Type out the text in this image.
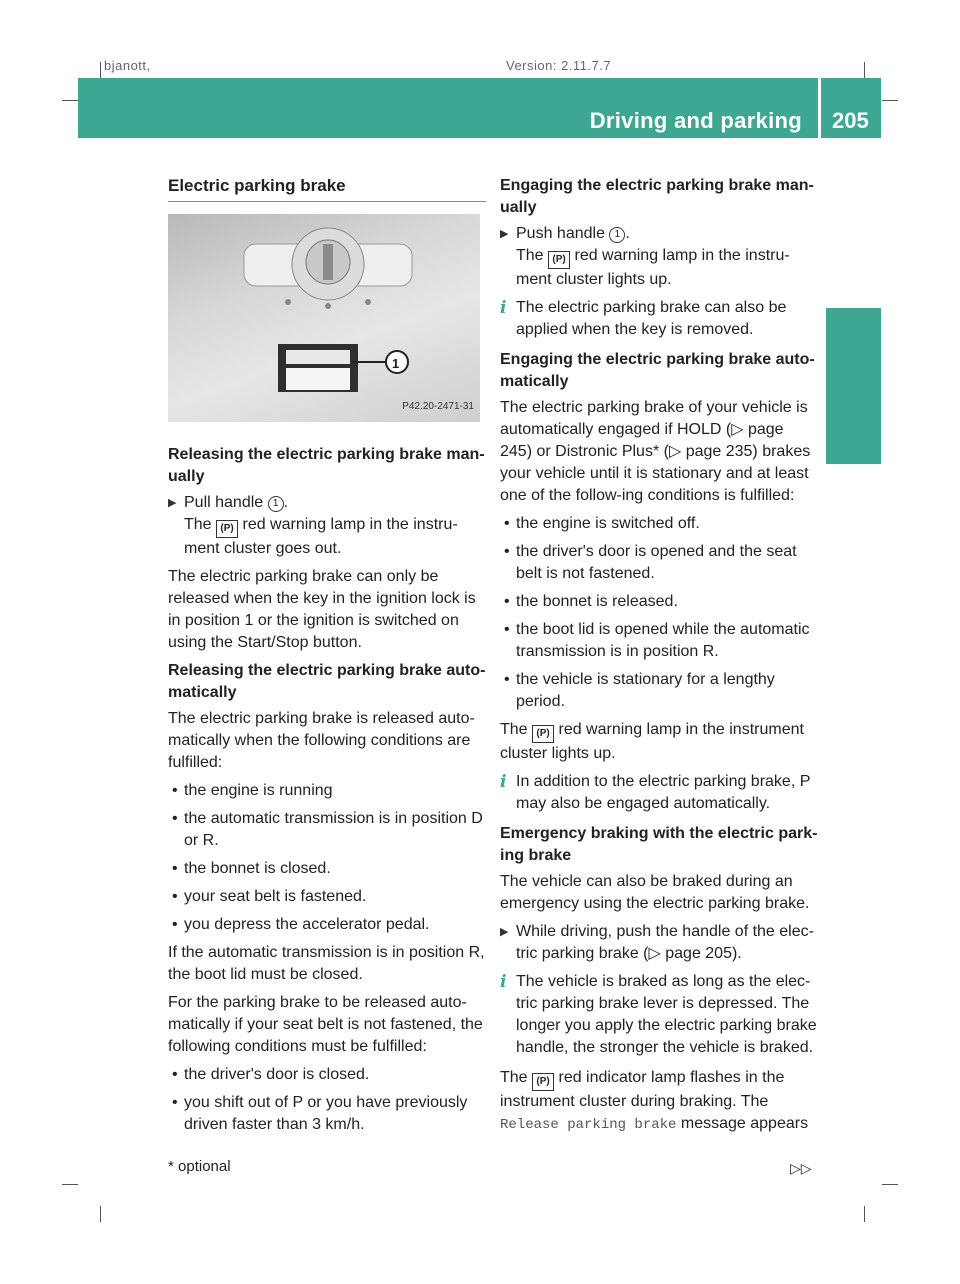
bjanott,	Version: 2.11.7.7
Driving and parking 205
Controls
Electric parking brake
1
P42.20-2471-31
Releasing the electric parking brake man-ually
▶ Pull handle 1 .
The (P) red warning lamp in the instru-ment cluster goes out.

The electric parking brake can only be released when the key in the ignition lock is in position 1 or the ignition is switched on using the Start/Stop button.

Releasing the electric parking brake auto-matically

The electric parking brake is released auto-matically when the following conditions are fulfilled:

• the engine is running
• the automatic transmission is in position D or R.
• the bonnet is closed.
• your seat belt is fastened.
• you depress the accelerator pedal.

If the automatic transmission is in position R, the boot lid must be closed.

For the parking brake to be released auto-matically if your seat belt is not fastened, the following conditions must be fulfilled:

• the driver's door is closed.
• you shift out of P or you have previously driven faster than 3 km/h.
Engaging the electric parking brake man-ually
▶ Push handle 1 .
The (P) red warning lamp in the instru-ment cluster lights up.
i The electric parking brake can also be applied when the key is removed.
Engaging the electric parking brake auto-matically

The electric parking brake of your vehicle is automatically engaged if HOLD (▷ page 245) or Distronic Plus* (▷ page 235) brakes your vehicle until it is stationary and at least one of the follow-ing conditions is fulfilled:

• the engine is switched off.
• the driver's door is opened and the seat belt is not fastened.
• the bonnet is released.
• the boot lid is opened while the automatic transmission is in position R.
• the vehicle is stationary for a lengthy period.

The (P) red warning lamp in the instrument cluster lights up.

i In addition to the electric parking brake, P may also be engaged automatically.
Emergency braking with the electric park-ing brake

The vehicle can also be braked during an emergency using the electric parking brake.

▶ While driving, push the handle of the elec-tric parking brake (▷ page 205).
i The vehicle is braked as long as the elec-tric parking brake lever is depressed. The longer you apply the electric parking brake handle, the stronger the vehicle is braked.

The (P) red indicator lamp flashes in the instrument cluster during braking. The Release parking brake message appears

* optional	▷▷
